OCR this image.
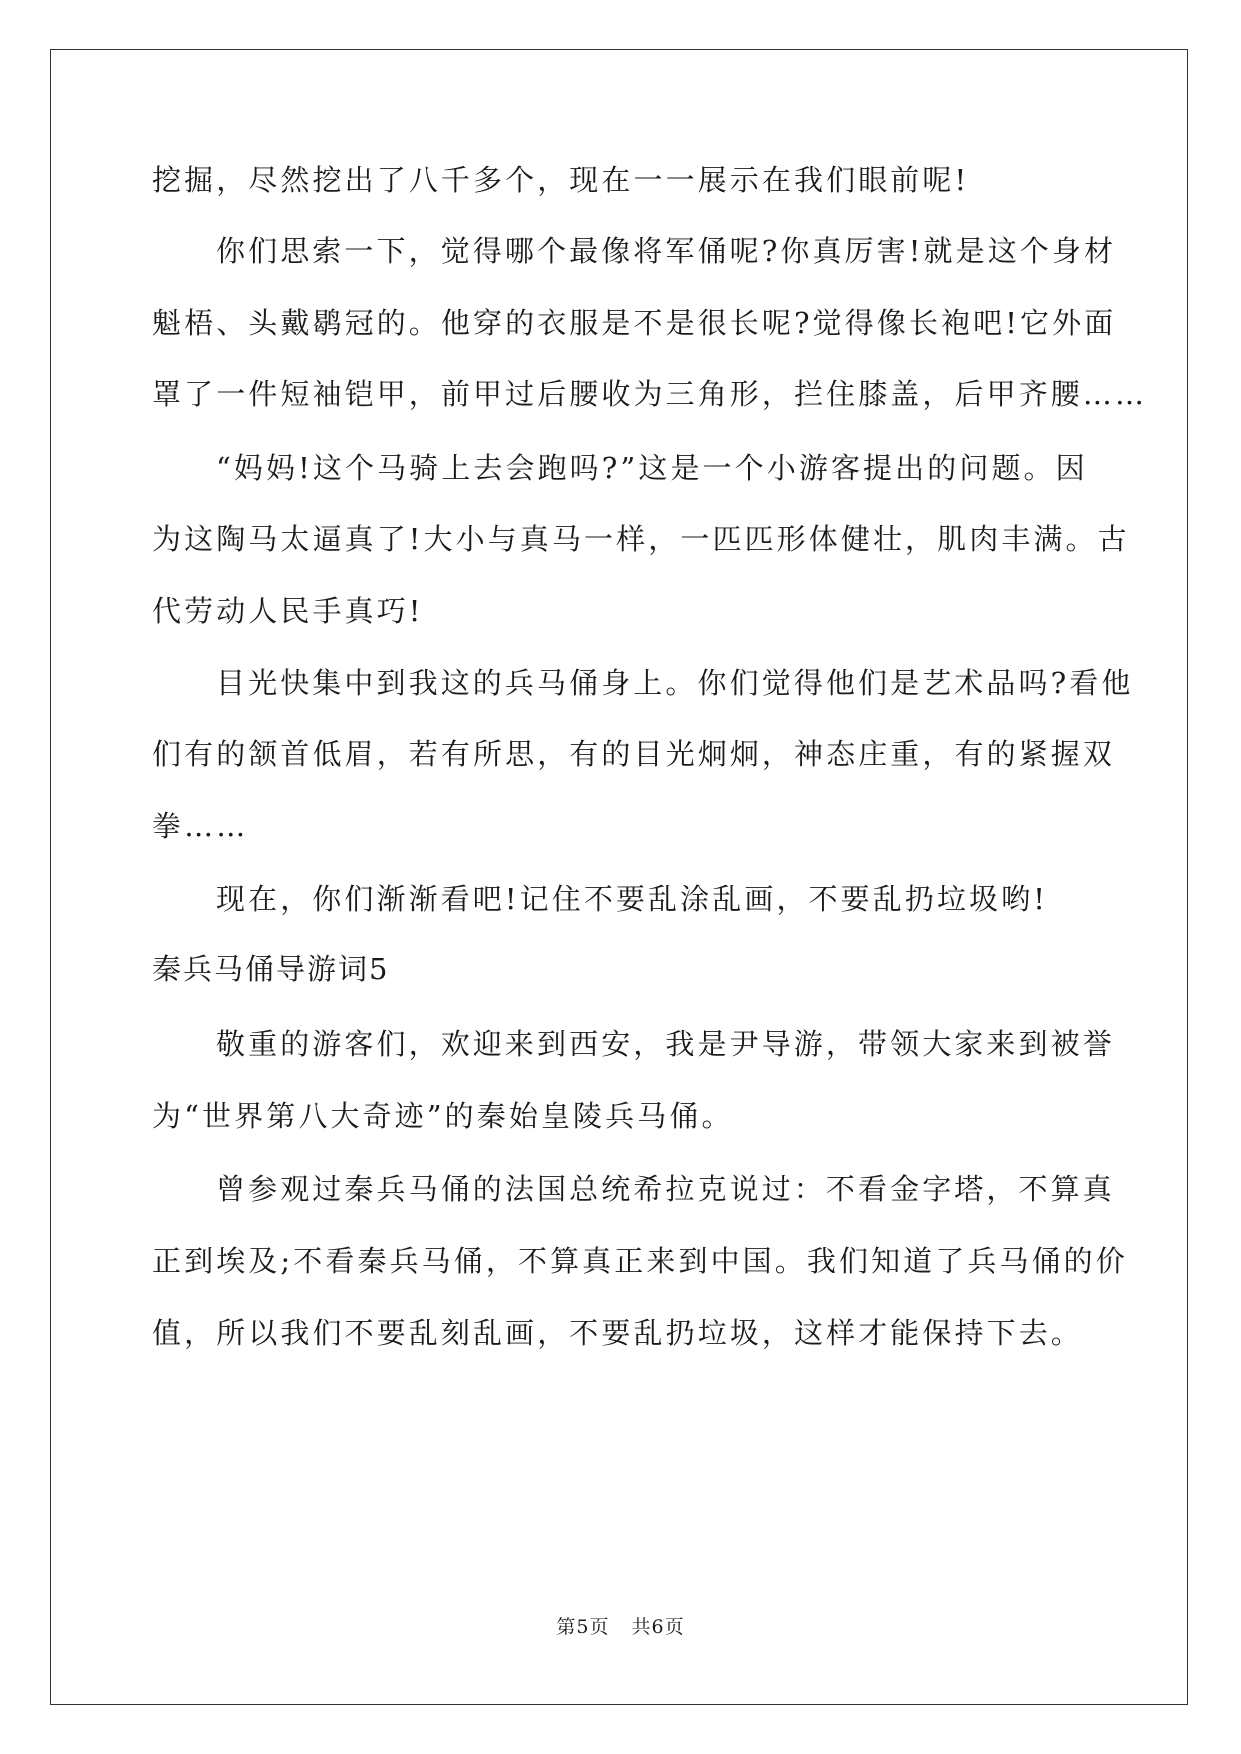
挖掘，尽然挖出了八千多个，现在一一展示在我们眼前呢!
你们思索一下，觉得哪个最像将军俑呢?你真厉害!就是这个身材
魁梧、头戴鹖冠的。他穿的衣服是不是很长呢?觉得像长袍吧!它外面
罩了一件短袖铠甲，前甲过后腰收为三角形，拦住膝盖，后甲齐腰……
“妈妈!这个马骑上去会跑吗?”这是一个小游客提出的问题。因
为这陶马太逼真了!大小与真马一样，一匹匹形体健壮，肌肉丰满。古
代劳动人民手真巧!
目光快集中到我这的兵马俑身上。你们觉得他们是艺术品吗?看他
们有的颔首低眉，若有所思，有的目光炯炯，神态庄重，有的紧握双
拳……
现在，你们渐渐看吧!记住不要乱涂乱画，不要乱扔垃圾哟!
秦兵马俑导游词5
敬重的游客们，欢迎来到西安，我是尹导游，带领大家来到被誉
为“世界第八大奇迹”的秦始皇陵兵马俑。
曾参观过秦兵马俑的法国总统希拉克说过：不看金字塔，不算真
正到埃及;不看秦兵马俑，不算真正来到中国。我们知道了兵马俑的价
值，所以我们不要乱刻乱画，不要乱扔垃圾，这样才能保持下去。
第5页 共6页
